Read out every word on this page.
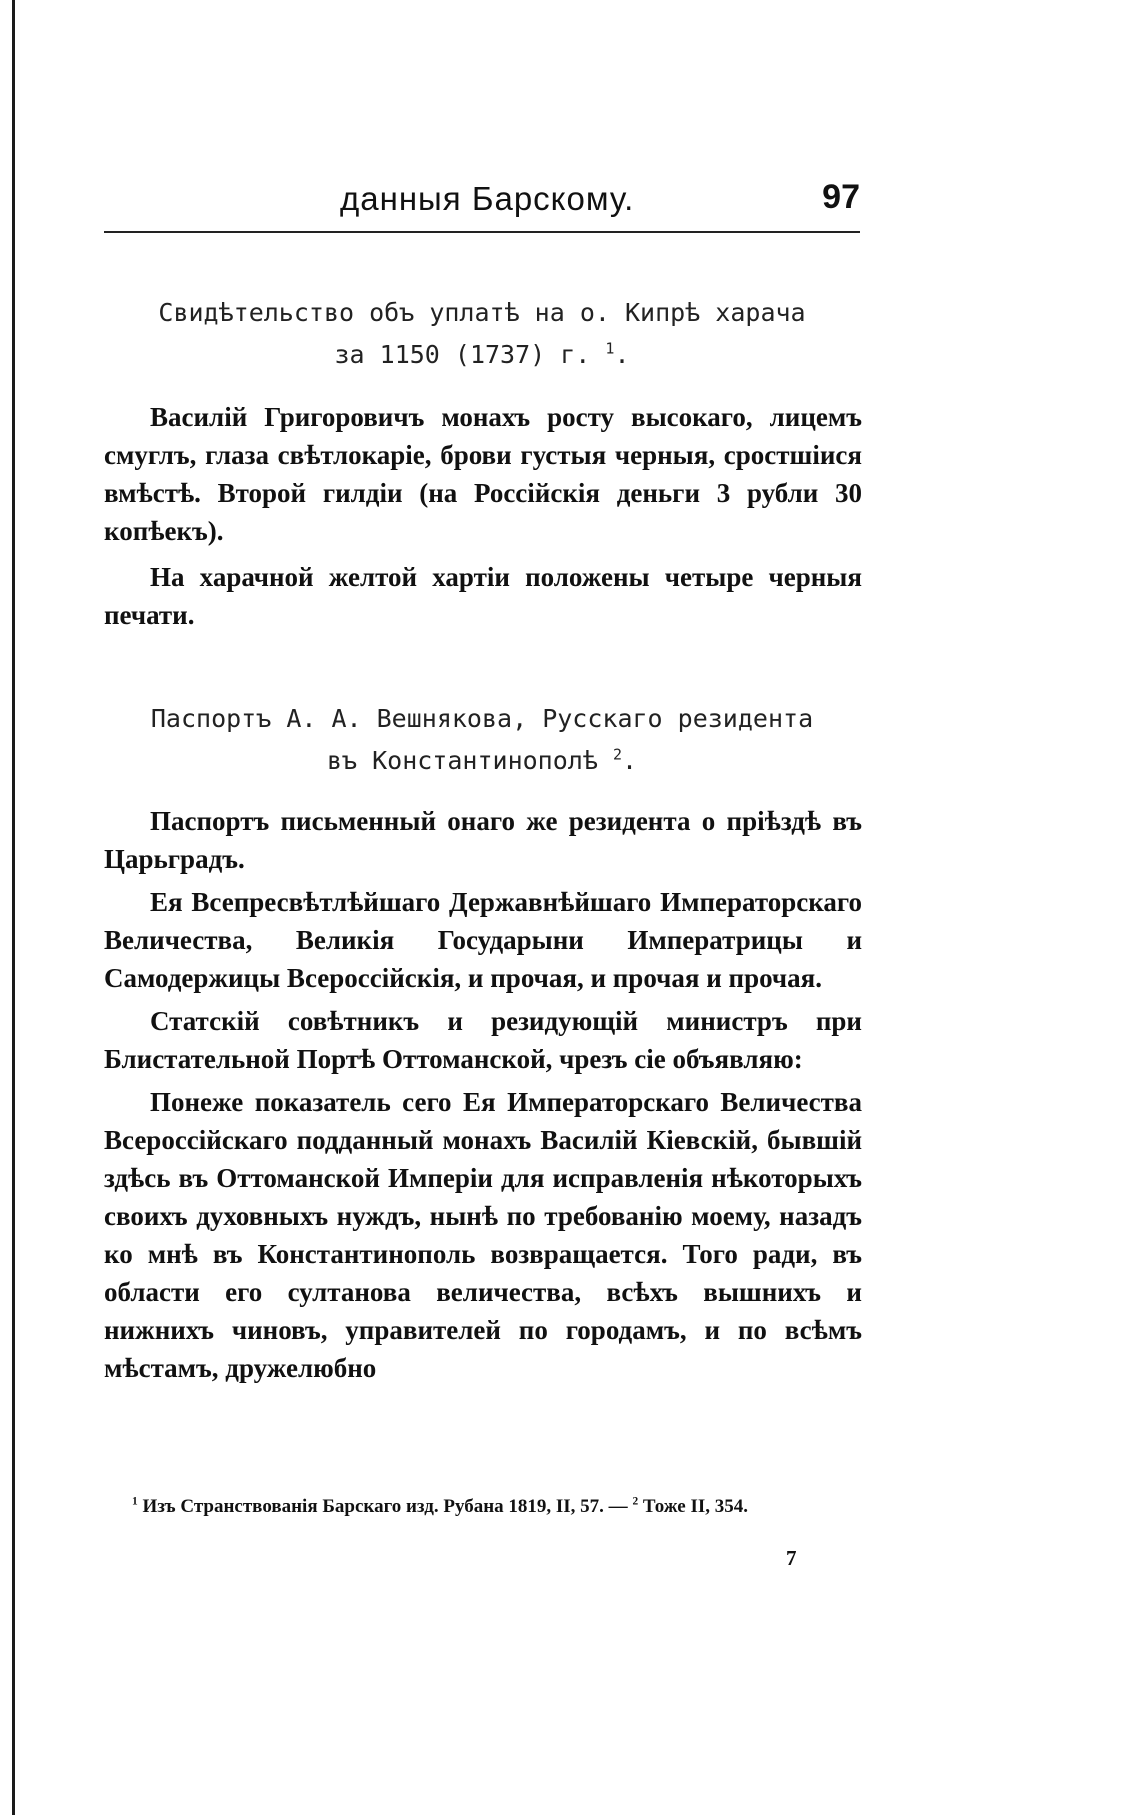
данныя Барскому.	97
Свидѣтельство объ уплатѣ на о. Кипрѣ харача
за 1150 (1737) г. $^1$.

Василій Григоровичъ монахъ росту высокаго, лицемъ смуглъ, глаза свѣтлокаріе, брови густыя черныя, сростшіися вмѣстѣ. Второй гилдіи (на Россійскія деньги 3 рубли 30 копѣекъ).

На харачной желтой хартіи положены четыре черныя печати.

Паспортъ А. А. Вешнякова, Русскаго резидента
въ Константинополѣ $^2$.

Паспортъ письменный онаго же резидента о пріѣздѣ въ Царьградъ.

Ея Всепресвѣтлѣйшаго Державнѣйшаго Императорскаго Величества, Великія Государыни Императрицы и Самодержицы Всероссійскія, и прочая, и прочая и прочая.

Статскій совѣтникъ и резидующій министръ при Блистательной Портѣ Оттоманской, чрезъ сіе объявляю:

Понеже показатель сего Ея Императорскаго Величества Всероссійскаго подданный монахъ Василій Кіевскій, бывшій здѣсь въ Оттоманской Имперіи для исправленія нѣкоторыхъ своихъ духовныхъ нуждъ, нынѣ по требованію моему, назадъ ко мнѣ въ Константинополь возвращается. Того ради, въ области его султанова величества, всѣхъ вышнихъ и нижнихъ чиновъ, управителей по городамъ, и по всѣмъ мѣстамъ, дружелюбно

$^1$ Изъ Странствованія Барскаго изд. Рубана 1819, II, 57. — $^2$ Тоже II, 354.
7
